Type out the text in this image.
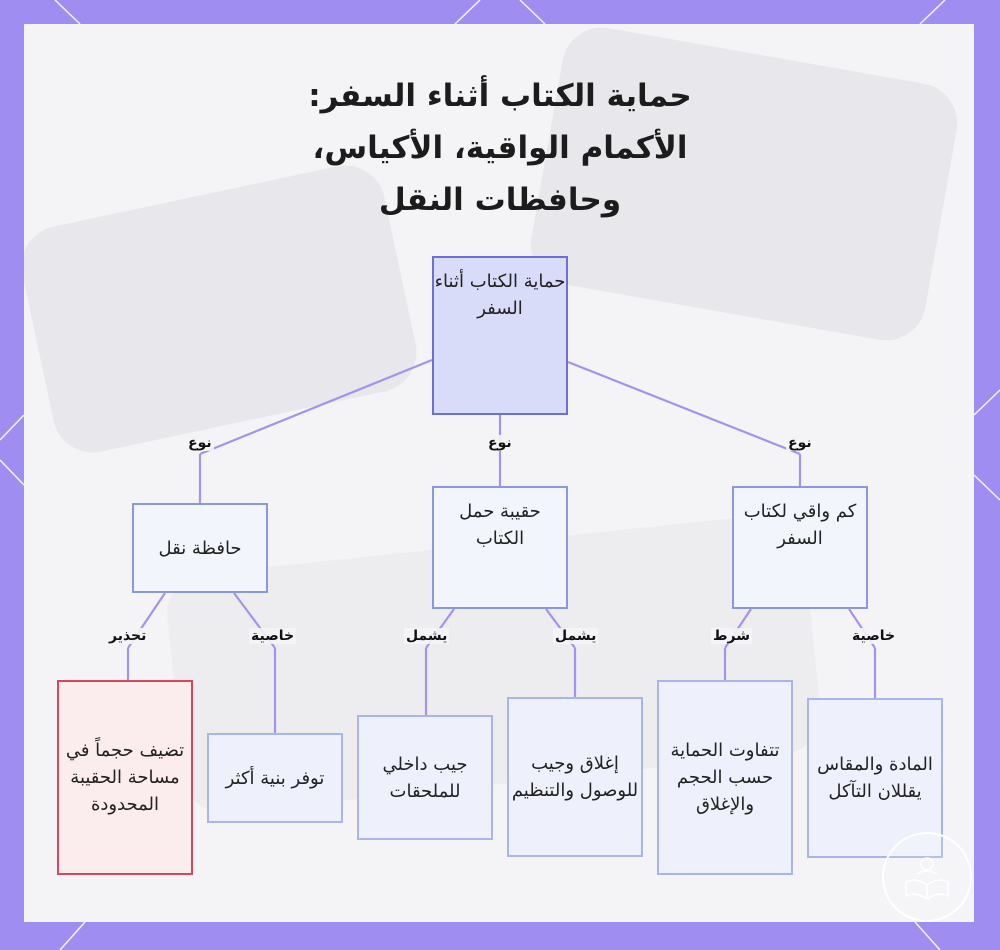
حماية الكتاب أثناء السفر:
الأكمام الواقية، الأكياس،
وحافظات النقل
نوع	نوع	نوع
تحذير	خاصية	يشمل	يشمل	شرط	خاصية
حماية الكتاب أثناء السفر
حافظة نقل
حقيبة حمل الكتاب
كم واقي لكتاب السفر
تضيف حجماً في مساحة الحقيبة المحدودة
توفر بنية أكثر
جيب داخلي للملحقات
إغلاق وجيب للوصول والتنظيم
تتفاوت الحماية حسب الحجم والإغلاق
المادة والمقاس يقللان التآكل
